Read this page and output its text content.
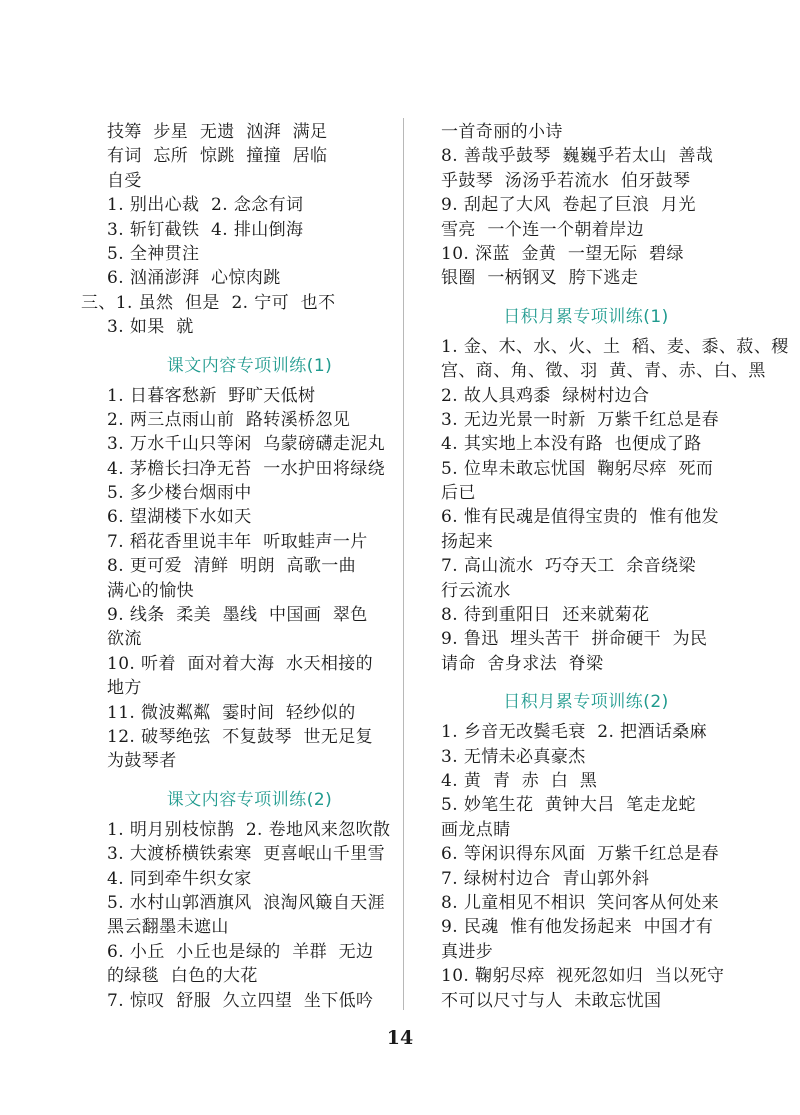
技筹  步星  无遗  汹湃  满足
有词  忘所  惊跳  撞撞  居临
自受
1. 别出心裁  2. 念念有词
3. 斩钉截铁  4. 排山倒海
5. 全神贯注
6. 汹涌澎湃  心惊肉跳
三、1. 虽然  但是  2. 宁可  也不
3. 如果  就
课文内容专项训练(1)
1. 日暮客愁新  野旷天低树
2. 两三点雨山前  路转溪桥忽见
3. 万水千山只等闲  乌蒙磅礴走泥丸
4. 茅檐长扫净无苔  一水护田将绿绕
5. 多少楼台烟雨中
6. 望湖楼下水如天
7. 稻花香里说丰年  听取蛙声一片
8. 更可爱  清鲜  明朗  高歌一曲
满心的愉快
9. 线条  柔美  墨线  中国画  翠色
欲流
10. 听着  面对着大海  水天相接的
地方
11. 微波粼粼  霎时间  轻纱似的
12. 破琴绝弦  不复鼓琴  世无足复
为鼓琴者
课文内容专项训练(2)
1. 明月别枝惊鹊  2. 卷地风来忽吹散
3. 大渡桥横铁索寒  更喜岷山千里雪
4. 同到牵牛织女家
5. 水村山郭酒旗风  浪淘风簸自天涯
黑云翻墨未遮山
6. 小丘  小丘也是绿的  羊群  无边
的绿毯  白色的大花
7. 惊叹  舒服  久立四望  坐下低吟
一首奇丽的小诗
8. 善哉乎鼓琴  巍巍乎若太山  善哉
乎鼓琴  汤汤乎若流水  伯牙鼓琴
9. 刮起了大风  卷起了巨浪  月光
雪亮  一个连一个朝着岸边
10. 深蓝  金黄  一望无际  碧绿
银圈  一柄钢叉  胯下逃走
日积月累专项训练(1)
1. 金、木、水、火、土  稻、麦、黍、菽、稷
宫、商、角、徵、羽  黄、青、赤、白、黑
2. 故人具鸡黍  绿树村边合
3. 无边光景一时新  万紫千红总是春
4. 其实地上本没有路  也便成了路
5. 位卑未敢忘忧国  鞠躬尽瘁  死而
后已
6. 惟有民魂是值得宝贵的  惟有他发
扬起来
7. 高山流水  巧夺天工  余音绕梁
行云流水
8. 待到重阳日  还来就菊花
9. 鲁迅  埋头苦干  拼命硬干  为民
请命  舍身求法  脊梁
日积月累专项训练(2)
1. 乡音无改鬓毛衰  2. 把酒话桑麻
3. 无情未必真豪杰
4. 黄  青  赤  白  黑
5. 妙笔生花  黄钟大吕  笔走龙蛇
画龙点睛
6. 等闲识得东风面  万紫千红总是春
7. 绿树村边合  青山郭外斜
8. 儿童相见不相识  笑问客从何处来
9. 民魂  惟有他发扬起来  中国才有
真进步
10. 鞠躬尽瘁  视死忽如归  当以死守
不可以尺寸与人  未敢忘忧国
14
